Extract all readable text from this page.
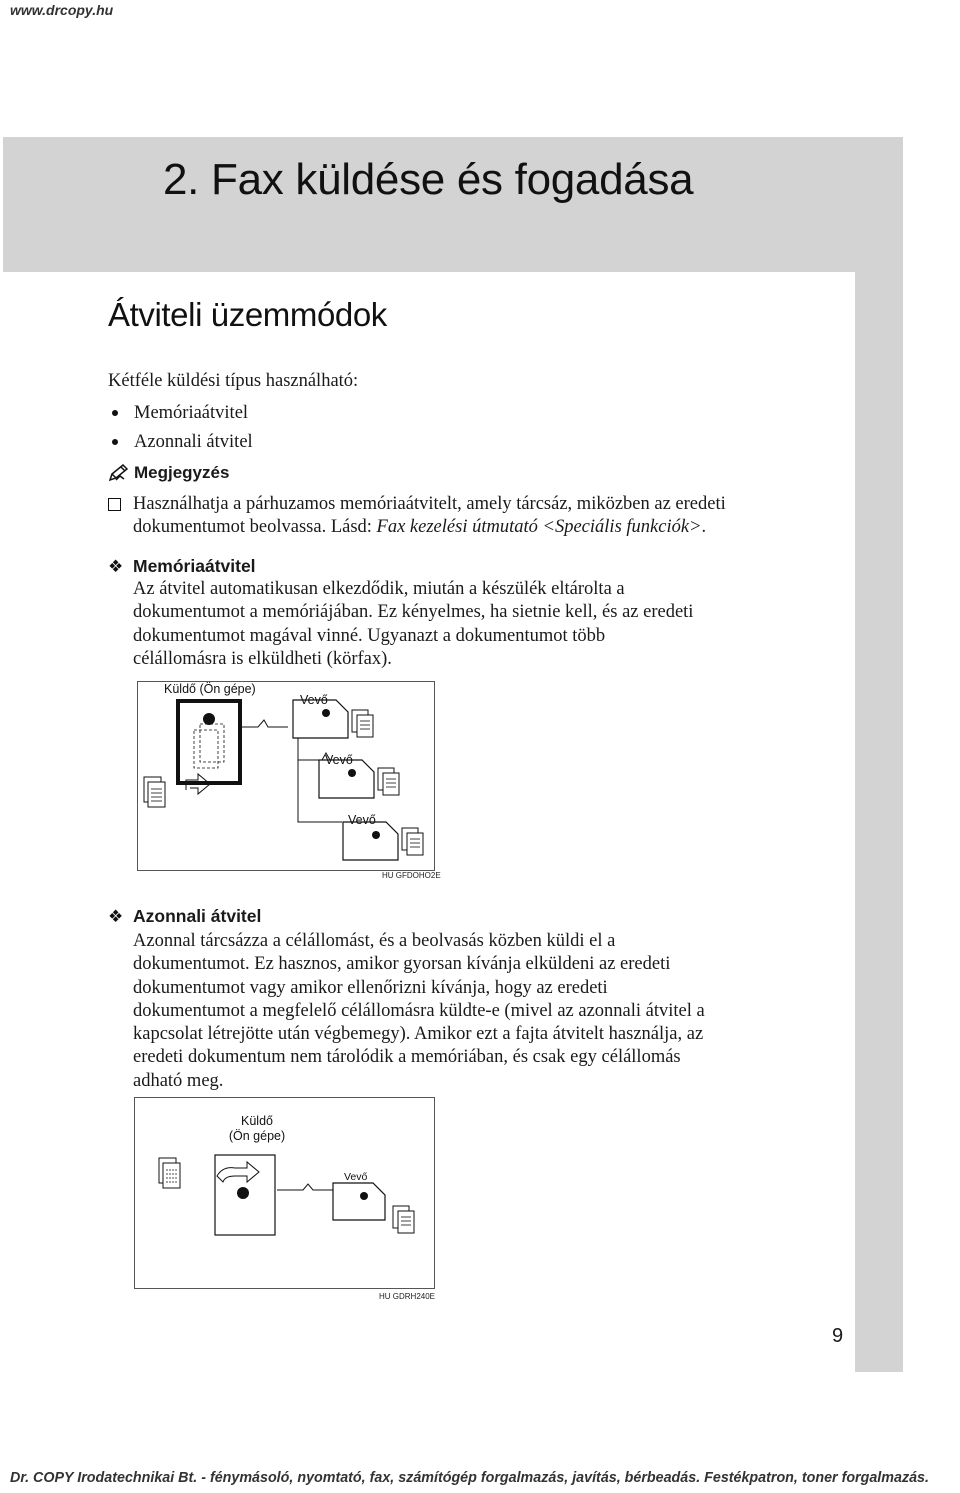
www.drcopy.hu
2. Fax küldése és fogadása
Átviteli üzemmódok
Kétféle küldési típus használható:
Memóriaátvitel
Azonnali átvitel
Megjegyzés
Használhatja a párhuzamos memóriaátvitelt, amely tárcsáz, miközben az eredeti
dokumentumot beolvassa. Lásd: Fax kezelési útmutató <Speciális funkciók>.
❖ Memóriaátvitel
Az átvitel automatikusan elkezdődik, miután a készülék eltárolta a
dokumentumot a memóriájában. Ez kényelmes, ha sietnie kell, és az eredeti
dokumentumot magával vinné. Ugyanazt a dokumentumot több
célállomásra is elküldheti (körfax).
Küldő (Ön gépe)
Vevő
Vevő
Vevő
HU GFDOHO2E
❖ Azonnali átvitel
Azonnal tárcsázza a célállomást, és a beolvasás közben küldi el a
dokumentumot. Ez hasznos, amikor gyorsan kívánja elküldeni az eredeti
dokumentumot vagy amikor ellenőrizni kívánja, hogy az eredeti
dokumentumot a megfelelő célállomásra küldte-e (mivel az azonnali átvitel a
kapcsolat létrejötte után végbemegy). Amikor ezt a fajta átvitelt használja, az
eredeti dokumentum nem tárolódik a memóriában, és csak egy célállomás
adható meg.
Küldő
(Ön gépe)
Vevő
HU GDRH240E
9
Dr. COPY Irodatechnikai Bt. - fénymásoló, nyomtató, fax, számítógép forgalmazás, javítás, bérbeadás. Festékpatron, toner forgalmazás.
